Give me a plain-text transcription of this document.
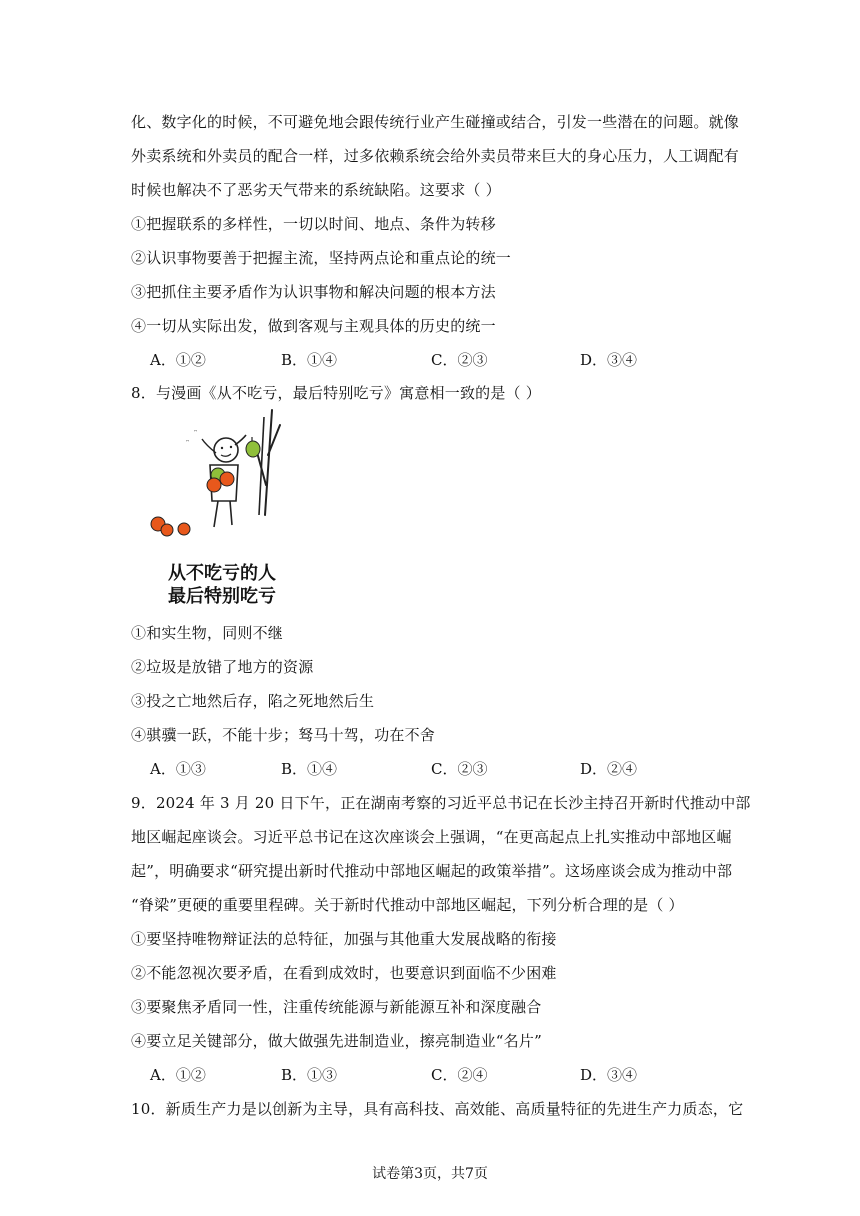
化、数字化的时候，不可避免地会跟传统行业产生碰撞或结合，引发一些潜在的问题。就像
外卖系统和外卖员的配合一样，过多依赖系统会给外卖员带来巨大的身心压力，人工调配有
时候也解决不了恶劣天气带来的系统缺陷。这要求（ ）
①把握联系的多样性，一切以时间、地点、条件为转移
②认识事物要善于把握主流，坚持两点论和重点论的统一
③把抓住主要矛盾作为认识事物和解决问题的根本方法
④一切从实际出发，做到客观与主观具体的历史的统一
A．①②	B．①④	C．②③	D．③④
8．与漫画《从不吃亏，最后特别吃亏》寓意相一致的是（ ）
ᵔ
ᵔ
从不吃亏的人
最后特别吃亏
①和实生物，同则不继
②垃圾是放错了地方的资源
③投之亡地然后存，陷之死地然后生
④骐骥一跃，不能十步；驽马十驾，功在不舍
A．①③	B．①④	C．②③	D．②④
9．2024 年 3 月 20 日下午，正在湖南考察的习近平总书记在长沙主持召开新时代推动中部
地区崛起座谈会。习近平总书记在这次座谈会上强调，“在更高起点上扎实推动中部地区崛
起”，明确要求“研究提出新时代推动中部地区崛起的政策举措”。这场座谈会成为推动中部
“脊梁”更硬的重要里程碑。关于新时代推动中部地区崛起，下列分析合理的是（ ）
①要坚持唯物辩证法的总特征，加强与其他重大发展战略的衔接
②不能忽视次要矛盾，在看到成效时，也要意识到面临不少困难
③要聚焦矛盾同一性，注重传统能源与新能源互补和深度融合
④要立足关键部分，做大做强先进制造业，擦亮制造业“名片”
A．①②	B．①③	C．②④	D．③④
10．新质生产力是以创新为主导，具有高科技、高效能、高质量特征的先进生产力质态，它
试卷第3页，共7页
